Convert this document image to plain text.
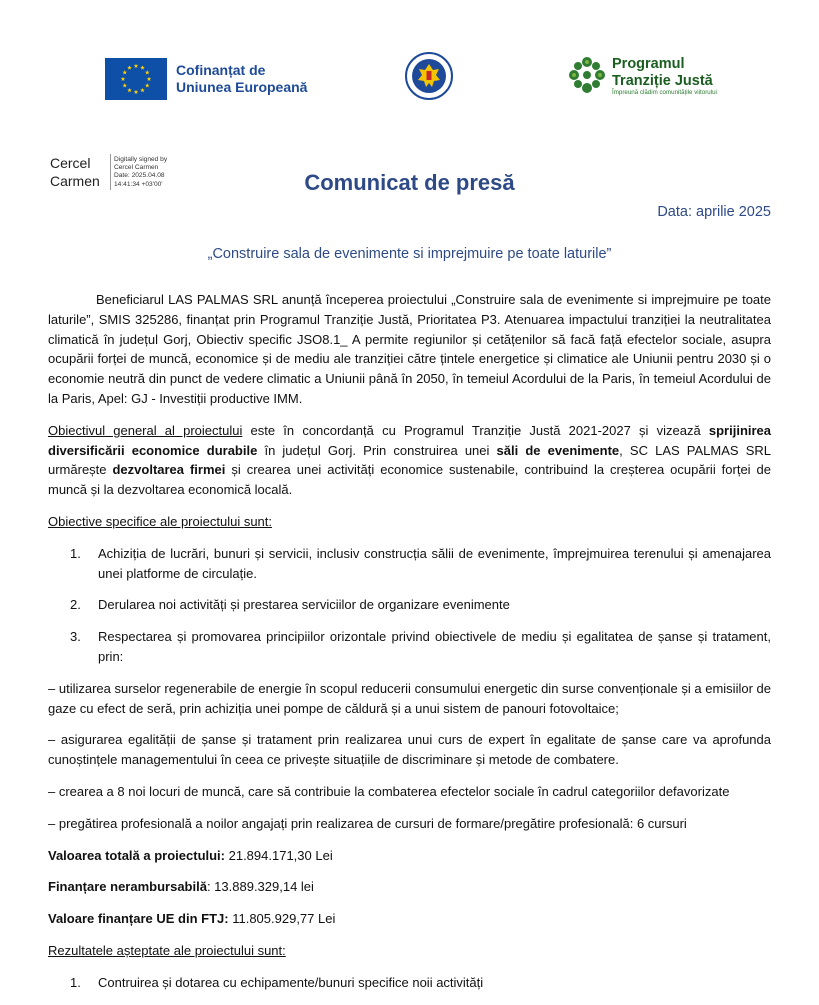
Cofinanțat de
Uniunea Europeană
Programul
Tranziție Justă
Împreună clădim comunitățile viitorului
Cercel
Carmen
Digitally signed by
Cercel Carmen
Date: 2025.04.08
14:41:34 +03'00'	Comunicat de presă
Data: aprilie 2025
„Construire sala de evenimente si imprejmuire pe toate laturile”

Beneficiarul LAS PALMAS SRL anunță începerea proiectului „Construire sala de evenimente si imprejmuire pe toate laturile”, SMIS 325286, finanțat prin Programul Tranziție Justă, Prioritatea P3. Atenuarea impactului tranziției la neutralitatea climatică în județul Gorj, Obiectiv specific JSO8.1_ A permite regiunilor și cetățenilor să facă față efectelor sociale, asupra ocupării forței de muncă, economice și de mediu ale tranziției către țintele energetice și climatice ale Uniunii pentru 2030 și o economie neutră din punct de vedere climatic a Uniunii până în 2050, în temeiul Acordului de la Paris, în temeiul Acordului de la Paris, Apel: GJ - Investiții productive IMM.

Obiectivul general al proiectului este în concordanță cu Programul Tranziție Justă 2021-2027 și vizează sprijinirea diversificării economice durabile în județul Gorj. Prin construirea unei săli de evenimente, SC LAS PALMAS SRL urmărește dezvoltarea firmei și crearea unei activități economice sustenabile, contribuind la creșterea ocupării forței de muncă și la dezvoltarea economică locală.

Obiective specifice ale proiectului sunt:

1.	Achiziția de lucrări, bunuri și servicii, inclusiv construcția sălii de evenimente, împrejmuirea terenului și amenajarea unei platforme de circulație.
2.	Derularea noi activități și prestarea serviciilor de organizare evenimente
3.	Respectarea și promovarea principiilor orizontale privind obiectivele de mediu și egalitatea de șanse și tratament, prin:

– utilizarea surselor regenerabile de energie în scopul reducerii consumului energetic din surse convenționale și a emisiilor de gaze cu efect de seră, prin achiziția unei pompe de căldură și a unui sistem de panouri fotovoltaice;

– asigurarea egalității de șanse și tratament prin realizarea unui curs de expert în egalitate de șanse care va aprofunda cunoștințele managementului în ceea ce privește situațiile de discriminare și metode de combatere.

– crearea a 8 noi locuri de muncă, care să contribuie la combaterea efectelor sociale în cadrul categoriilor defavorizate

– pregătirea profesională a noilor angajați prin realizarea de cursuri de formare/pregătire profesională: 6 cursuri

Valoarea totală a proiectului: 21.894.171,30 Lei

Finanțare nerambursabilă: 13.889.329,14 lei

Valoare finanțare UE din FTJ: 11.805.929,77 Lei

Rezultatele așteptate ale proiectului sunt:

1.	Contruirea și dotarea cu echipamente/bunuri specifice noii activități
